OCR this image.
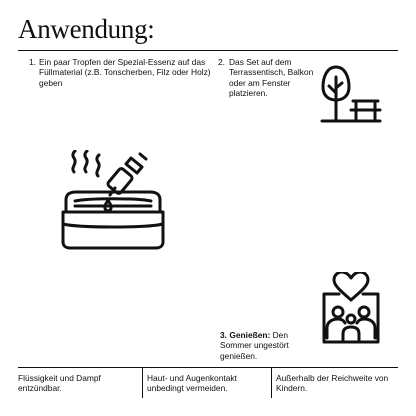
Anwendung:
1. Ein paar Tropfen der Spezial-Essenz auf das Füllmaterial (z.B. Tonscherben, Filz oder Holz) geben
2. Das Set auf dem Terrassentisch, Balkon oder am Fenster platzieren.
3. Genießen: Den Sommer ungestört genießen.
Flüssigkeit und Dampf entzündbar.
Haut- und Augenkontakt unbedingt vermeiden.
Außerhalb der Reichweite von Kindern.
